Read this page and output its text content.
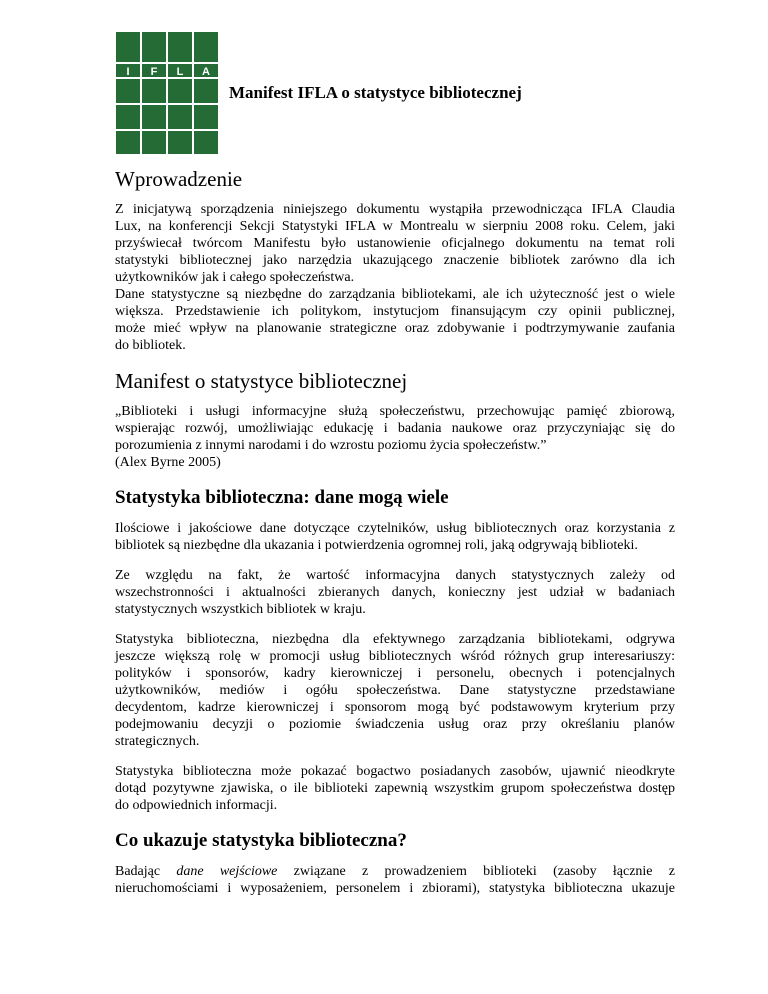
I F L A
Manifest IFLA o statystyce bibliotecznej
Wprowadzenie

Z inicjatywą sporządzenia niniejszego dokumentu wystąpiła przewodnicząca IFLA Claudia
Lux, na konferencji Sekcji Statystyki IFLA w Montrealu w sierpniu 2008 roku. Celem, jaki
przyświecał twórcom Manifestu było ustanowienie oficjalnego dokumentu na temat roli
statystyki bibliotecznej jako narzędzia ukazującego znaczenie bibliotek zarówno dla ich
użytkowników jak i całego społeczeństwa.

Dane statystyczne są niezbędne do zarządzania bibliotekami, ale ich użyteczność jest o wiele
większa. Przedstawienie ich politykom, instytucjom finansującym czy opinii publicznej,
może mieć wpływ na planowanie strategiczne oraz zdobywanie i podtrzymywanie zaufania
do bibliotek.

Manifest o statystyce bibliotecznej

„Biblioteki i usługi informacyjne służą społeczeństwu, przechowując pamięć zbiorową,
wspierając rozwój, umożliwiając edukację i badania naukowe oraz przyczyniając się do
porozumienia z innymi narodami i do wzrostu poziomu życia społeczeństw.”
(Alex Byrne 2005)

Statystyka biblioteczna: dane mogą wiele

Ilościowe i jakościowe dane dotyczące czytelników, usług bibliotecznych oraz korzystania z
bibliotek są niezbędne dla ukazania i potwierdzenia ogromnej roli, jaką odgrywają biblioteki.

Ze względu na fakt, że wartość informacyjna danych statystycznych zależy od
wszechstronności i aktualności zbieranych danych, konieczny jest udział w badaniach
statystycznych wszystkich bibliotek w kraju.

Statystyka biblioteczna, niezbędna dla efektywnego zarządzania bibliotekami, odgrywa
jeszcze większą rolę w promocji usług bibliotecznych wśród różnych grup interesariuszy:
polityków i sponsorów, kadry kierowniczej i personelu, obecnych i potencjalnych
użytkowników, mediów i ogółu społeczeństwa. Dane statystyczne przedstawiane
decydentom, kadrze kierowniczej i sponsorom mogą być podstawowym kryterium przy
podejmowaniu decyzji o poziomie świadczenia usług oraz przy określaniu planów
strategicznych.

Statystyka biblioteczna może pokazać bogactwo posiadanych zasobów, ujawnić nieodkryte
dotąd pozytywne zjawiska, o ile biblioteki zapewnią wszystkim grupom społeczeństwa dostęp
do odpowiednich informacji.

Co ukazuje statystyka biblioteczna?

Badając dane wejściowe związane z prowadzeniem biblioteki (zasoby łącznie z
nieruchomościami i wyposażeniem, personelem i zbiorami), statystyka biblioteczna ukazuje
